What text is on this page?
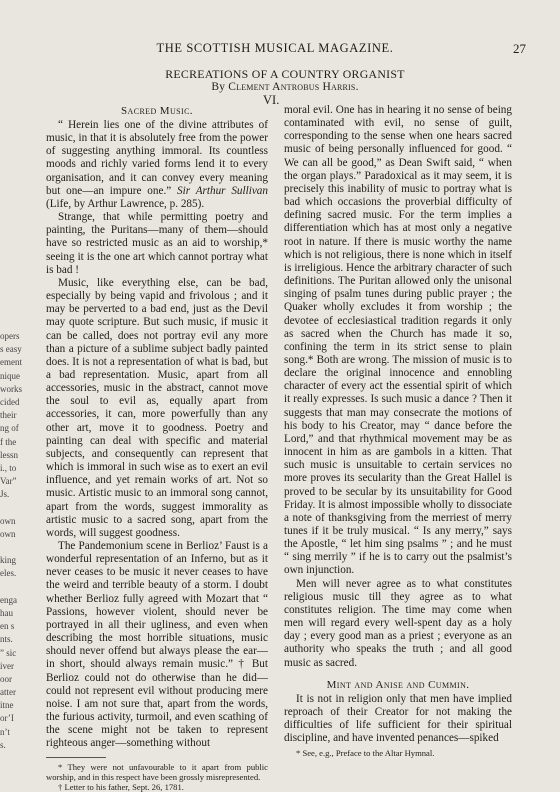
opers
s easy
ement
nique
works
cided
their
ng of
f the
lessn
i., to
Var”
Js.
own
own
king
eles.
enga
hau
en s
nts.
” sic
iver
oor
atter
itne
or’I
n’t
s.
THE SCOTTISH MUSICAL MAGAZINE.	27
RECREATIONS OF A COUNTRY ORGANIST
By Clement Antrobus Harris.
VI.
Sacred Music.

“ Herein lies one of the divine attributes of music, in that it is absolutely free from the power of suggesting anything immoral. Its countless moods and richly varied forms lend it to every organisation, and it can convey every meaning but one—an impure one.” Sir Arthur Sullivan (Life, by Arthur Lawrence, p. 285).

Strange, that while permitting poetry and painting, the Puritans—many of them—should have so restricted music as an aid to worship,* seeing it is the one art which cannot portray what is bad !

Music, like everything else, can be bad, especially by being vapid and frivolous ; and it may be perverted to a bad end, just as the Devil may quote scripture. But such music, if music it can be called, does not portray evil any more than a picture of a sublime subject badly painted does. It is not a representation of what is bad, but a bad representation. Music, apart from all accessories, music in the abstract, cannot move the soul to evil as, equally apart from accessories, it can, more powerfully than any other art, move it to goodness. Poetry and painting can deal with specific and material subjects, and consequently can represent that which is immoral in such wise as to exert an evil influence, and yet remain works of art. Not so music. Artistic music to an immoral song cannot, apart from the words, suggest immorality as artistic music to a sacred song, apart from the words, will suggest goodness.

The Pandemonium scene in Berlioz’ Faust is a wonderful representation of an Inferno, but as it never ceases to be music it never ceases to have the weird and terrible beauty of a storm. I doubt whether Berlioz fully agreed with Mozart that “ Passions, however violent, should never be portrayed in all their ugliness, and even when describing the most horrible situations, music should never offend but always please the ear—in short, should always remain music.” † But Berlioz could not do otherwise than he did—could not represent evil without producing mere noise. I am not sure that, apart from the words, the furious activity, turmoil, and even scathing of the scene might not be taken to represent righteous anger—something without

* They were not unfavourable to it apart from public worship, and in this respect have been grossly misrepresented.

† Letter to his father, Sept. 26, 1781.

moral evil. One has in hearing it no sense of being contaminated with evil, no sense of guilt, corresponding to the sense when one hears sacred music of being personally influenced for good. “ We can all be good,” as Dean Swift said, “ when the organ plays.” Paradoxical as it may seem, it is precisely this inability of music to portray what is bad which occasions the proverbial difficulty of defining sacred music. For the term implies a differentiation which has at most only a negative root in nature. If there is music worthy the name which is not religious, there is none which in itself is irreligious. Hence the arbitrary character of such definitions. The Puritan allowed only the unisonal singing of psalm tunes during public prayer ; the Quaker wholly excludes it from worship ; the devotee of ecclesiastical tradition regards it only as sacred when the Church has made it so, confining the term in its strict sense to plain song.* Both are wrong. The mission of music is to declare the original innocence and ennobling character of every act the essential spirit of which it really expresses. Is such music a dance ? Then it suggests that man may consecrate the motions of his body to his Creator, may “ dance before the Lord,” and that rhythmical movement may be as innocent in him as are gambols in a kitten. That such music is unsuitable to certain services no more proves its secularity than the Great Hallel is proved to be secular by its unsuitability for Good Friday. It is almost impossible wholly to dissociate a note of thanksgiving from the merriest of merry tunes if it be truly musical. “ Is any merry,” says the Apostle, “ let him sing psalms ” ; and he must “ sing merrily ” if he is to carry out the psalmist’s own injunction.

Men will never agree as to what constitutes religious music till they agree as to what constitutes religion. The time may come when men will regard every well-spent day as a holy day ; every good man as a priest ; everyone as an authority who speaks the truth ; and all good music as sacred.

Mint and Anise and Cummin.

It is not in religion only that men have implied reproach of their Creator for not making the difficulties of life sufficient for their spiritual discipline, and have invented penances—spiked

* See, e.g., Preface to the Altar Hymnal.
